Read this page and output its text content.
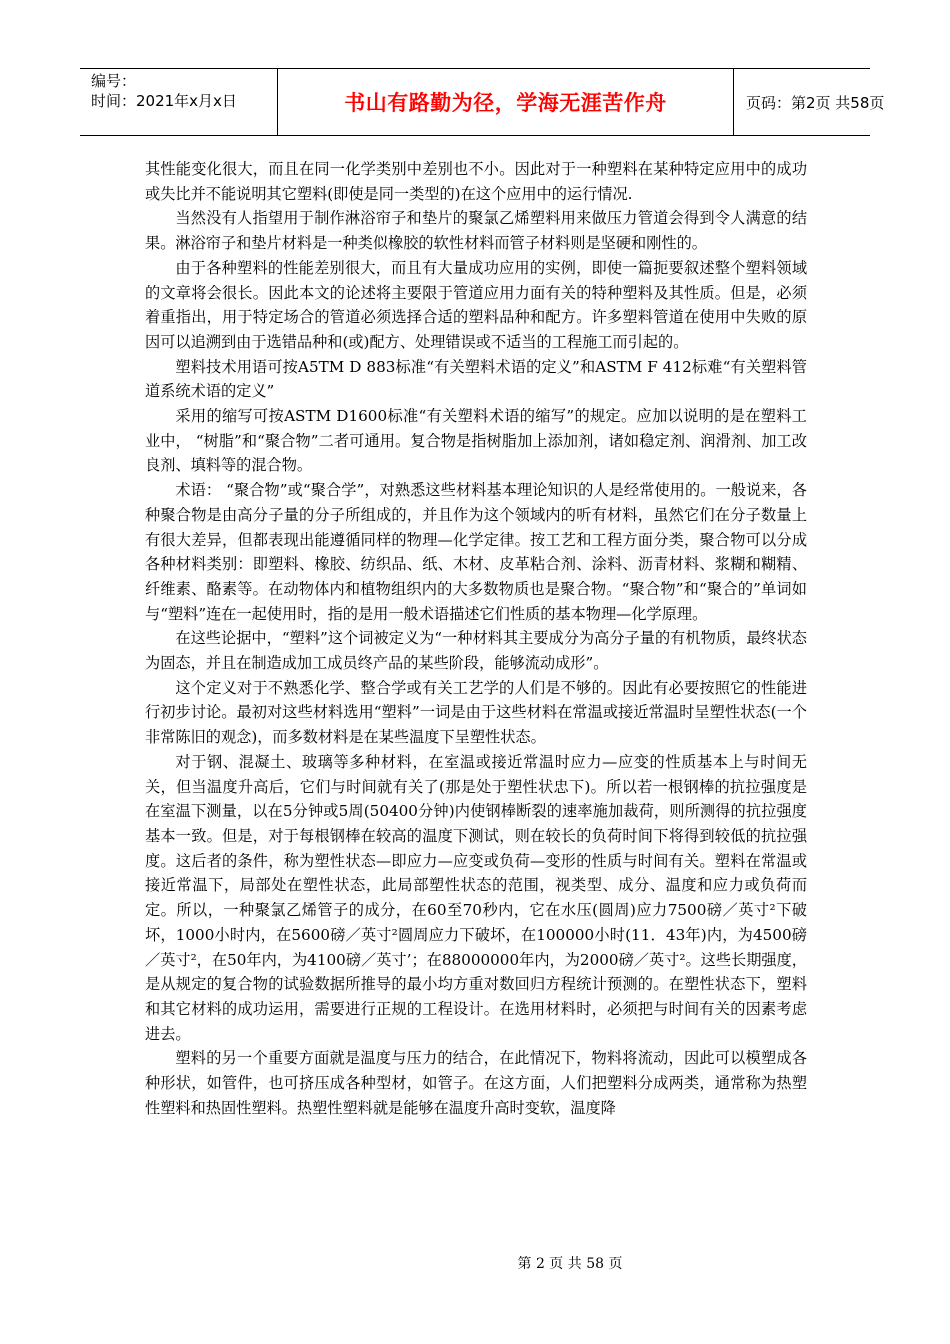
编号：
时间：2021年x月x日	书山有路勤为径，学海无涯苦作舟	页码：第2页 共58页

其性能变化很大，而且在同一化学类别中差别也不小。因此对于一种塑料在某种特定应用中的成功或失比并不能说明其它塑料(即使是同一类型的)在这个应用中的运行情况.

当然没有人指望用于制作淋浴帘子和垫片的聚氯乙烯塑料用来做压力管道会得到令人满意的结果。淋浴帘子和垫片材料是一种类似橡胶的软性材料而管子材料则是坚硬和刚性的。

由于各种塑料的性能差别很大，而且有大量成功应用的实例，即使一篇扼要叙述整个塑料领域的文章将会很长。因此本文的论述将主要限于管道应用力面有关的特种塑料及其性质。但是，必须着重指出，用于特定场合的管道必须选择合适的塑料品种和配方。许多塑料管道在使用中失败的原因可以追溯到由于选错品种和(或)配方、处理错误或不适当的工程施工而引起的。

塑料技术用语可按A5TM D 883标准“有关塑料术语的定义”和ASTM F 412标难“有关塑料管道系统术语的定义”

采用的缩写可按ASTM D1600标准“有关塑料术语的缩写”的规定。应加以说明的是在塑料工业中， “树脂”和“聚合物”二者可通用。复合物是指树脂加上添加剂，诸如稳定剂、润滑剂、加工改良剂、填料等的混合物。

术语： “聚合物”或“聚合学”，对熟悉这些材料基本理论知识的人是经常使用的。一般说来，各种聚合物是由高分子量的分子所组成的，并且作为这个领域内的听有材料，虽然它们在分子数量上有很大差异，但都表现出能遵循同样的物理—化学定律。按工艺和工程方面分类，聚合物可以分成各种材料类别：即塑料、橡胶、纺织品、纸、木材、皮革粘合剂、涂料、沥青材料、浆糊和糊精、纤维素、酪素等。在动物体内和植物组织内的大多数物质也是聚合物。“聚合物”和“聚合的”单词如与“塑料”连在一起使用时，指的是用一般术语描述它们性质的基本物理—化学原理。

在这些论据中，“塑料”这个词被定义为“一种材料其主要成分为高分子量的有机物质，最终状态为固态，并且在制造成加工成员终产品的某些阶段，能够流动成形”。

这个定义对于不熟悉化学、整合学或有关工艺学的人们是不够的。因此有必要按照它的性能进行初步讨论。最初对这些材料选用“塑料”一词是由于这些材料在常温或接近常温时呈塑性状态(一个非常陈旧的观念)，而多数材料是在某些温度下呈塑性状态。

对于钢、混凝土、玻璃等多种材料，在室温或接近常温时应力—应变的性质基本上与时间无关，但当温度升高后，它们与时间就有关了(那是处于塑性状忠下)。所以若一根钢棒的抗拉强度是在室温下测量，以在5分钟或5周(50400分钟)内使钢棒断裂的速率施加裁荷，则所测得的抗拉强度基本一致。但是，对于每根钢棒在较高的温度下测试，则在较长的负荷时间下将得到较低的抗拉强度。这后者的条件，称为塑性状态—即应力—应变或负荷—变形的性质与时间有关。塑料在常温或接近常温下，局部处在塑性状态，此局部塑性状态的范围，视类型、成分、温度和应力或负荷而定。所以，一种聚氯乙烯管子的成分，在60至70秒内，它在水压(圆周)应力7500磅／英寸²下破坏，1000小时内，在5600磅／英寸²圆周应力下破坏，在100000小时(11．43年)内，为4500磅／英寸²，在50年内，为4100磅／英寸’；在88000000年内，为2000磅／英寸²。这些长期强度，是从规定的复合物的试验数据所推导的最小均方重对数回归方程统计预测的。在塑性状态下，塑料和其它材料的成功运用，需要进行正规的工程设计。在选用材料时，必须把与时间有关的因素考虑进去。

塑料的另一个重要方面就是温度与压力的结合，在此情况下，物料将流动，因此可以模塑成各种形状，如管件，也可挤压成各种型材，如管子。在这方面，人们把塑料分成两类，通常称为热塑性塑料和热固性塑料。热塑性塑料就是能够在温度升高时变软，温度降

第 2 页 共 58 页
